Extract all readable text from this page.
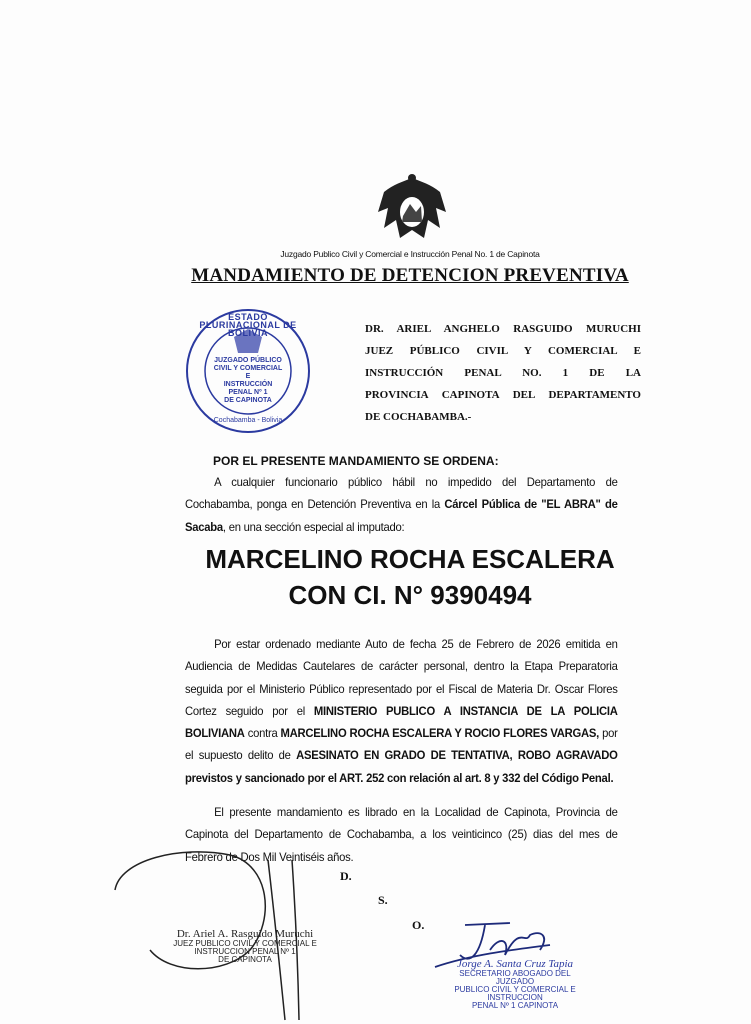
Juzgado Publico Civil y Comercial e Instrucción Penal No. 1 de Capinota
MANDAMIENTO DE DETENCION PREVENTIVA
ESTADO PLURINACIONAL DE BOLIVIA
JUZGADO PÚBLICO
CIVIL Y COMERCIAL E
INSTRUCCIÓN PENAL Nº 1
DE CAPINOTA
Cochabamba - Bolivia
DR. ARIEL ANGHELO RASGUIDO MURUCHI
JUEZ PÚBLICO CIVIL Y COMERCIAL E
INSTRUCCIÓN PENAL NO. 1 DE LA
PROVINCIA CAPINOTA DEL DEPARTAMENTO
DE COCHABAMBA.-
POR EL PRESENTE MANDAMIENTO SE ORDENA:
A cualquier funcionario público hábil no impedido del Departamento de Cochabamba, ponga en Detención Preventiva en la Cárcel Pública de "EL ABRA" de Sacaba, en una sección especial al imputado:
MARCELINO ROCHA ESCALERA
CON CI. N° 9390494
Por estar ordenado mediante Auto de fecha 25 de Febrero de 2026 emitida en Audiencia de Medidas Cautelares de carácter personal, dentro la Etapa Preparatoria seguida por el Ministerio Público representado por el Fiscal de Materia Dr. Oscar Flores Cortez seguido por el MINISTERIO PUBLICO A INSTANCIA DE LA POLICIA BOLIVIANA contra MARCELINO ROCHA ESCALERA Y ROCIO FLORES VARGAS, por el supuesto delito de ASESINATO EN GRADO DE TENTATIVA, ROBO AGRAVADO previstos y sancionado por el ART. 252 con relación al art. 8 y 332 del Código Penal.
El presente mandamiento es librado en la Localidad de Capinota, Provincia de Capinota del Departamento de Cochabamba, a los veinticinco (25) dias del mes de Febrero de Dos Mil Veintiséis años.
D.
S.
O.
Dr. Ariel A. Rasguido Muruchi
JUEZ PUBLICO CIVIL Y COMERCIAL E
INSTRUCCION PENAL Nº 1
DE CAPINOTA	Jorge A. Santa Cruz Tapia
SECRETARIO ABOGADO DEL JUZGADO
PUBLICO CIVIL Y COMERCIAL E INSTRUCCION
PENAL Nº 1 CAPINOTA
